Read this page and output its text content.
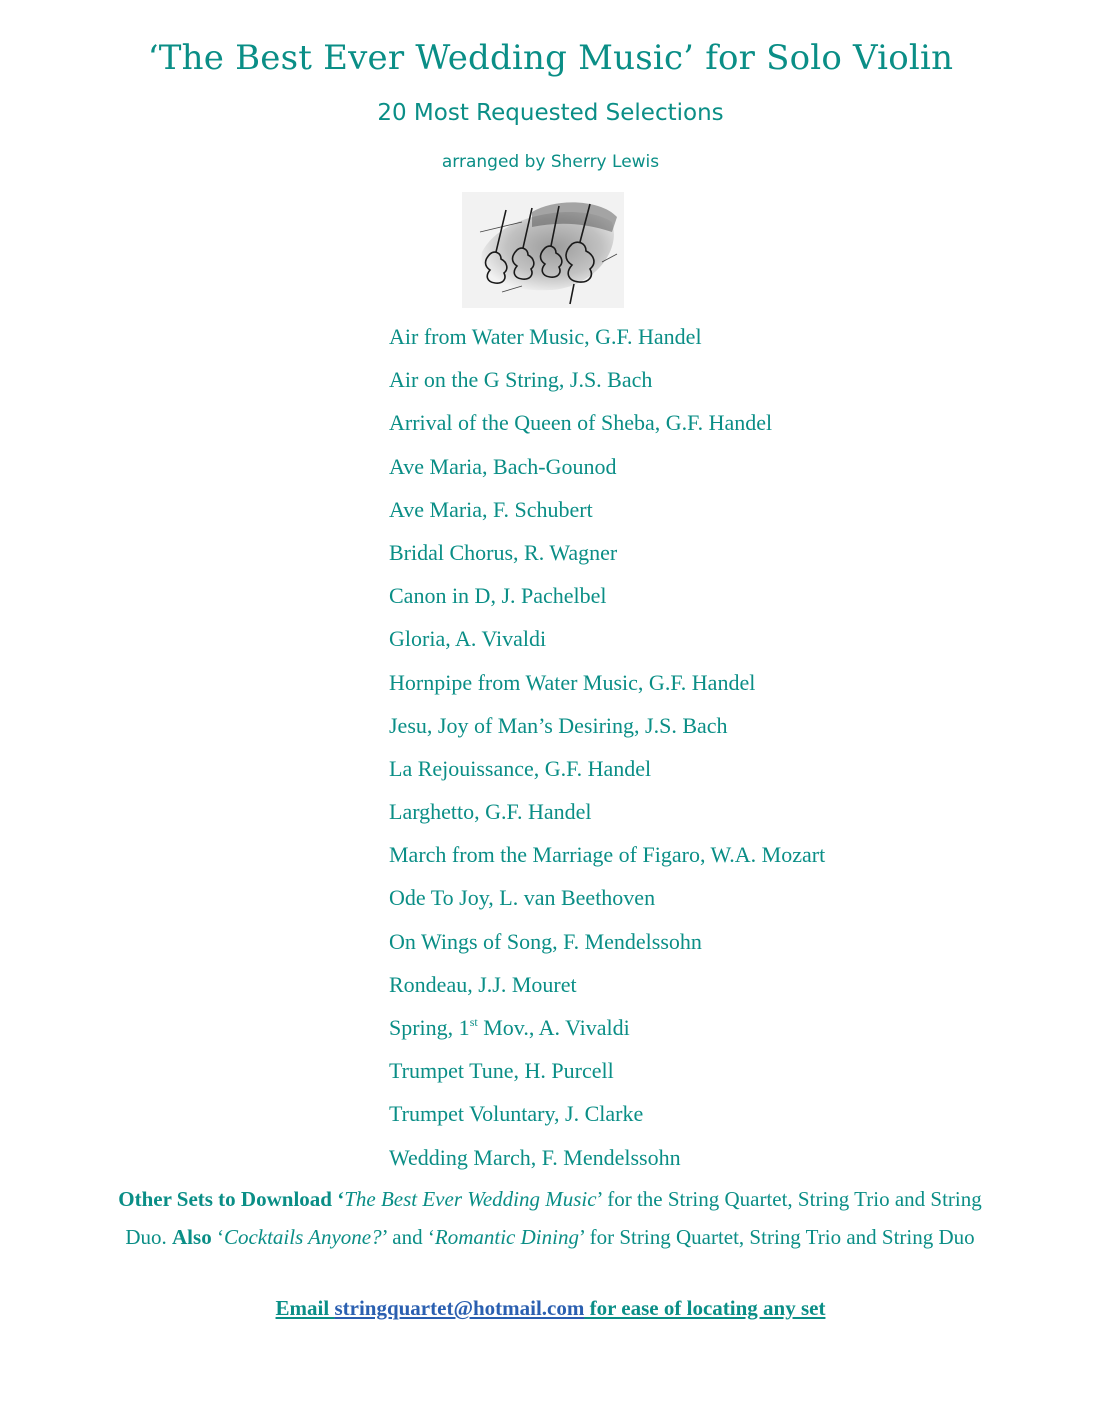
‘The Best Ever Wedding Music’ for Solo Violin
20 Most Requested Selections
arranged by Sherry Lewis
Air from Water Music, G.F. Handel
Air on the G String, J.S. Bach
Arrival of the Queen of Sheba, G.F. Handel
Ave Maria, Bach-Gounod
Ave Maria, F. Schubert
Bridal Chorus, R. Wagner
Canon in D, J. Pachelbel
Gloria, A. Vivaldi
Hornpipe from Water Music, G.F. Handel
Jesu, Joy of Man’s Desiring, J.S. Bach
La Rejouissance, G.F. Handel
Larghetto, G.F. Handel
March from the Marriage of Figaro, W.A. Mozart
Ode To Joy, L. van Beethoven
On Wings of Song, F. Mendelssohn
Rondeau, J.J. Mouret
Spring, 1st Mov., A. Vivaldi
Trumpet Tune, H. Purcell
Trumpet Voluntary, J. Clarke
Wedding March, F. Mendelssohn
Other Sets to Download ‘The Best Ever Wedding Music’ for the String Quartet, String Trio and String Duo. Also ‘Cocktails Anyone?’ and ‘Romantic Dining’ for String Quartet, String Trio and String Duo
Email stringquartet@hotmail.com for ease of locating any set
